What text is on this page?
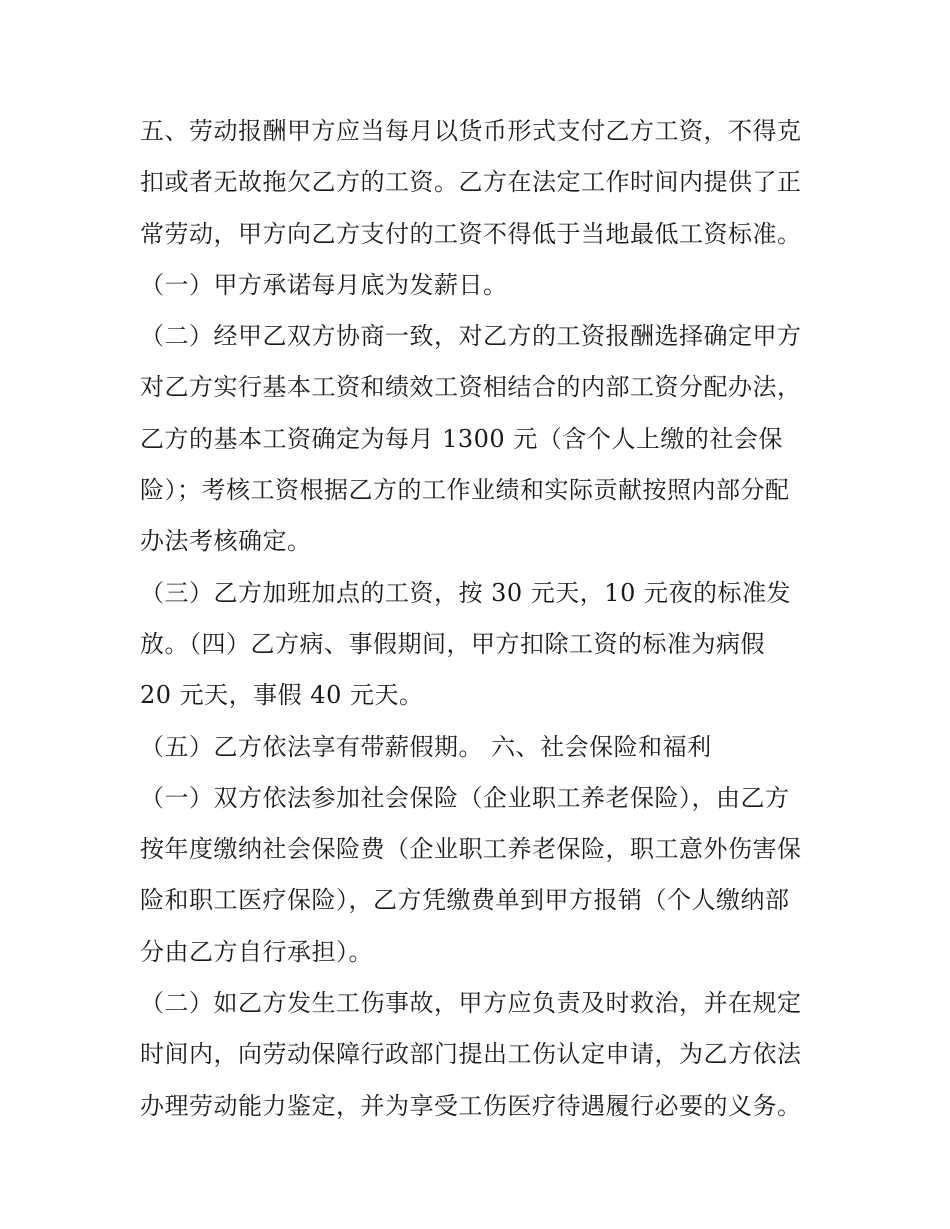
五、劳动报酬甲方应当每月以货币形式支付乙方工资，不得克
扣或者无故拖欠乙方的工资。乙方在法定工作时间内提供了正
常劳动，甲方向乙方支付的工资不得低于当地最低工资标准。
（一）甲方承诺每月底为发薪日。
（二）经甲乙双方协商一致，对乙方的工资报酬选择确定甲方
对乙方实行基本工资和绩效工资相结合的内部工资分配办法，
乙方的基本工资确定为每月 1300 元（含个人上缴的社会保
险）；考核工资根据乙方的工作业绩和实际贡献按照内部分配
办法考核确定。
（三）乙方加班加点的工资，按 30 元天，10 元夜的标准发
放。（四）乙方病、事假期间，甲方扣除工资的标准为病假
20 元天，事假 40 元天。
（五）乙方依法享有带薪假期。 六、社会保险和福利
（一）双方依法参加社会保险（企业职工养老保险），由乙方
按年度缴纳社会保险费（企业职工养老保险，职工意外伤害保
险和职工医疗保险），乙方凭缴费单到甲方报销（个人缴纳部
分由乙方自行承担）。
（二）如乙方发生工伤事故，甲方应负责及时救治，并在规定
时间内，向劳动保障行政部门提出工伤认定申请，为乙方依法
办理劳动能力鉴定，并为享受工伤医疗待遇履行必要的义务。
